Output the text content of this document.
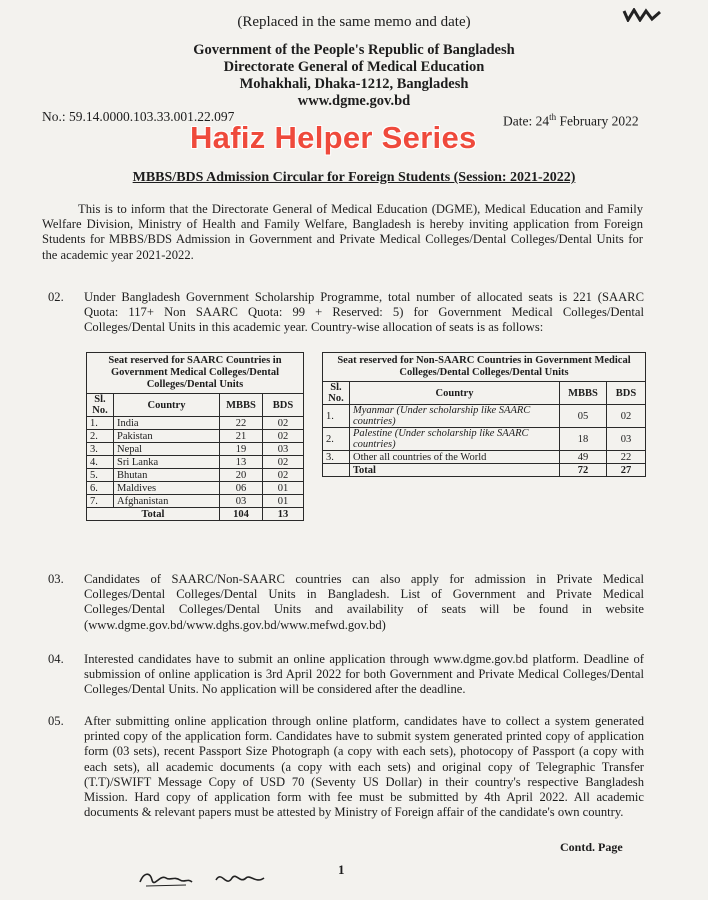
(Replaced in the same memo and date)
Government of the People's Republic of Bangladesh
Directorate General of Medical Education
Mohakhali, Dhaka-1212, Bangladesh
www.dgme.gov.bd
No.: 59.14.0000.103.33.001.22.097	Date: 24th February 2022
Hafiz Helper Series
MBBS/BDS Admission Circular for Foreign Students (Session: 2021-2022)
This is to inform that the Directorate General of Medical Education (DGME), Medical Education and Family Welfare Division, Ministry of Health and Family Welfare, Bangladesh is hereby inviting application from Foreign Students for MBBS/BDS Admission in Government and Private Medical Colleges/Dental Colleges/Dental Units for the academic year 2021-2022.
02. Under Bangladesh Government Scholarship Programme, total number of allocated seats is 221 (SAARC Quota: 117+ Non SAARC Quota: 99 + Reserved: 5) for Government Medical Colleges/Dental Colleges/Dental Units in this academic year. Country-wise allocation of seats is as follows:
Seat reserved for SAARC Countries in Government Medical Colleges/Dental Colleges/Dental Units			
Sl. No.	Country	MBBS	BDS
1.	India	22	02
2.	Pakistan	21	02
3.	Nepal	19	03
4.	Sri Lanka	13	02
5.	Bhutan	20	02
6.	Maldives	06	01
7.	Afghanistan	03	01
Total		104	13
Seat reserved for Non-SAARC Countries in Government Medical Colleges/Dental Colleges/Dental Units			
Sl. No.	Country	MBBS	BDS
1.	Myanmar (Under scholarship like SAARC countries)	05	02
2.	Palestine (Under scholarship like SAARC countries)	18	03
3.	Other all countries of the World	49	22
	Total	72	27
03. Candidates of SAARC/Non-SAARC countries can also apply for admission in Private Medical Colleges/Dental Colleges/Dental Units in Bangladesh. List of Government and Private Medical Colleges/Dental Colleges/Dental Units and availability of seats will be found in website (www.dgme.gov.bd/www.dghs.gov.bd/www.mefwd.gov.bd)
04. Interested candidates have to submit an online application through www.dgme.gov.bd platform. Deadline of submission of online application is 3rd April 2022 for both Government and Private Medical Colleges/Dental Colleges/Dental Units. No application will be considered after the deadline.
05. After submitting online application through online platform, candidates have to collect a system generated printed copy of the application form. Candidates have to submit system generated printed copy of application form (03 sets), recent Passport Size Photograph (a copy with each sets), photocopy of Passport (a copy with each sets), all academic documents (a copy with each sets) and original copy of Telegraphic Transfer (T.T)/SWIFT Message Copy of USD 70 (Seventy US Dollar) in their country's respective Bangladesh Mission. Hard copy of application form with fee must be submitted by 4th April 2022. All academic documents & relevant papers must be attested by Ministry of Foreign affair of the candidate's own country.
Contd. Page
1
